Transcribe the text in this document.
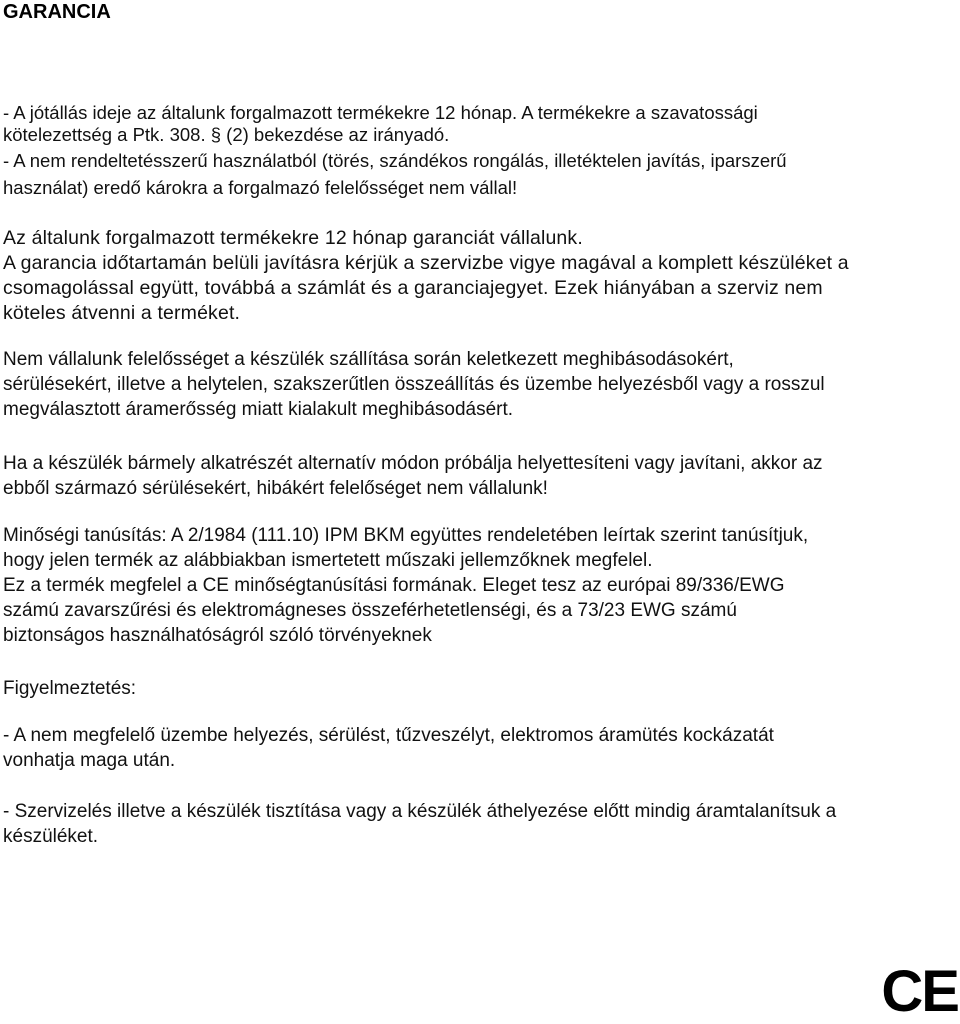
GARANCIA
- A jótállás ideje az általunk forgalmazott termékekre 12 hónap. A termékekre a szavatossági
kötelezettség a Ptk. 308. § (2) bekezdése az irányadó.
- A nem rendeltetésszerű használatból (törés, szándékos rongálás, illetéktelen javítás, iparszerű
használat) eredő károkra a forgalmazó felelősséget nem vállal!
Az általunk forgalmazott termékekre 12 hónap garanciát vállalunk.
A garancia időtartamán belüli javításra kérjük a szervizbe vigye magával a komplett készüléket a
csomagolással együtt, továbbá a számlát és a garanciajegyet. Ezek hiányában a szerviz nem
köteles átvenni a terméket.
Nem vállalunk felelősséget a készülék szállítása során keletkezett meghibásodásokért,
sérülésekért, illetve a helytelen, szakszerűtlen összeállítás és üzembe helyezésből vagy a rosszul
megválasztott áramerősség miatt kialakult meghibásodásért.
Ha a készülék bármely alkatrészét alternatív módon próbálja helyettesíteni vagy javítani, akkor az
ebből származó sérülésekért, hibákért felelőséget nem vállalunk!
Minőségi tanúsítás: A 2/1984 (111.10) IPM BKM együttes rendeletében leírtak szerint tanúsítjuk,
hogy jelen termék az alábbiakban ismertetett műszaki jellemzőknek megfelel.
Ez a termék megfelel a CE minőségtanúsítási formának. Eleget tesz az európai 89/336/EWG
számú zavarszűrési és elektromágneses összeférhetetlenségi, és a 73/23 EWG számú
biztonságos használhatóságról szóló törvényeknek
Figyelmeztetés:
- A nem megfelelő üzembe helyezés, sérülést, tűzveszélyt, elektromos áramütés kockázatát
vonhatja maga után.
- Szervizelés illetve a készülék tisztítása vagy a készülék áthelyezése előtt mindig áramtalanítsuk a
készüléket.
CE
